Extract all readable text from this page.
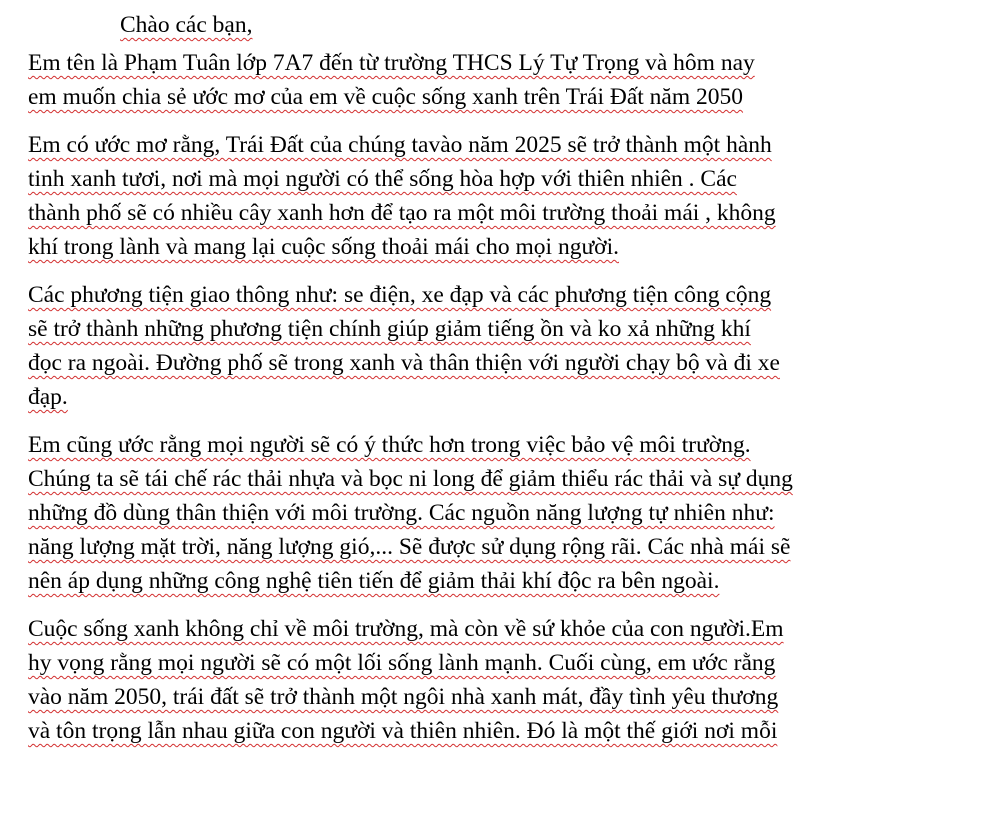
Chào các bạn,
Em tên là Phạm Tuân lớp 7A7 đến từ trường THCS Lý Tự Trọng và hôm nay
em muốn chia sẻ ước mơ của em về cuộc sống xanh trên Trái Đất năm 2050
Em có ước mơ rằng, Trái Đất của chúng tavào năm 2025 sẽ trở thành một hành
tinh xanh tươi, nơi mà mọi người có thể sống hòa hợp với thiên nhiên . Các
thành phố sẽ có nhiều cây xanh hơn để tạo ra một môi trường thoải mái , không
khí trong lành và mang lại cuộc sống thoải mái cho mọi người.
Các phương tiện giao thông như: se điện, xe đạp và các phương tiện công cộng
sẽ trở thành những phương tiện chính giúp giảm tiếng ồn và ko xả những khí
đọc ra ngoài. Đường phố sẽ trong xanh và thân thiện với người chạy bộ và đi xe
đạp.
Em cũng ước rằng mọi người sẽ có ý thức hơn trong việc bảo vệ môi trường.
Chúng ta sẽ tái chế rác thải nhựa và bọc ni long để giảm thiểu rác thải và sự dụng
những đồ dùng thân thiện với môi trường. Các nguồn năng lượng tự nhiên như:
năng lượng mặt trời, năng lượng gió,... Sẽ được sử dụng rộng rãi. Các nhà mái sẽ
nên áp dụng những công nghệ tiên tiến để giảm thải khí độc ra bên ngoài.
Cuộc sống xanh không chỉ về môi trường, mà còn về sứ khỏe của con người.Em
hy vọng rằng mọi người sẽ có một lối sống lành mạnh. Cuối cùng, em ước rằng
vào năm 2050, trái đất sẽ trở thành một ngôi nhà xanh mát, đầy tình yêu thương
và tôn trọng lẫn nhau giữa con người và thiên nhiên. Đó là một thế giới nơi mỗi
